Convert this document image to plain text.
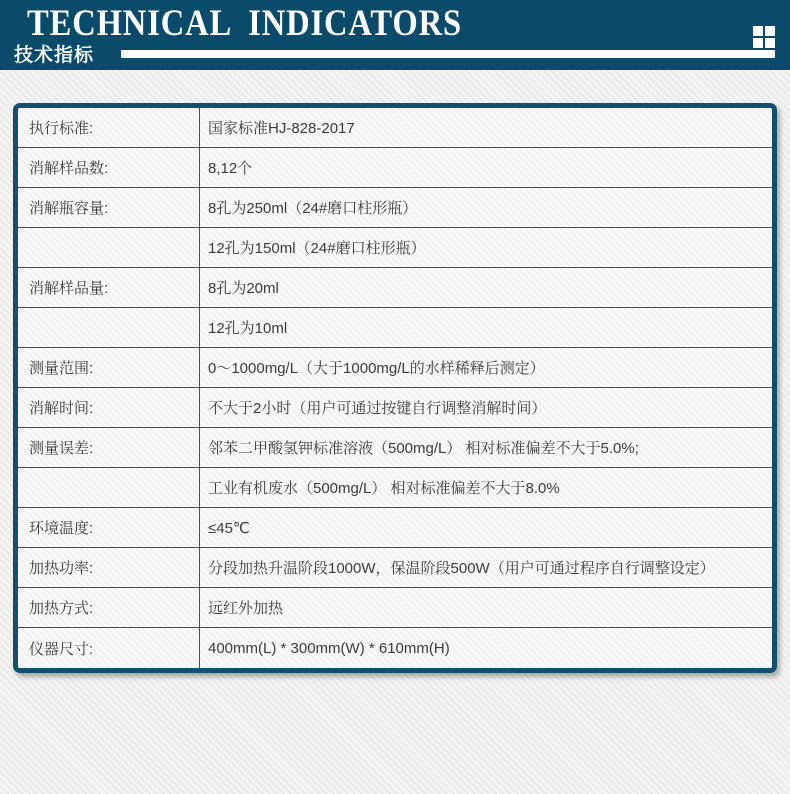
TECHNICAL INDICATORS
技术指标
执行标准:	国家标准HJ-828-2017
消解样品数:	8,12个
消解瓶容量:	8孔为250ml（24#磨口柱形瓶）
12孔为150ml（24#磨口柱形瓶）
消解样品量:	8孔为20ml
12孔为10ml
测量范围:	0～1000mg/L（大于1000mg/L的水样稀释后测定）
消解时间:	不大于2小时（用户可通过按键自行调整消解时间）
测量误差:	邻苯二甲酸氢钾标准溶液（500mg/L） 相对标准偏差不大于5.0%;
工业有机废水（500mg/L） 相对标准偏差不大于8.0%
环境温度:	≤45℃
加热功率:	分段加热升温阶段1000W，保温阶段500W（用户可通过程序自行调整设定）
加热方式:	远红外加热
仪器尺寸:	400mm(L) * 300mm(W) * 610mm(H)
